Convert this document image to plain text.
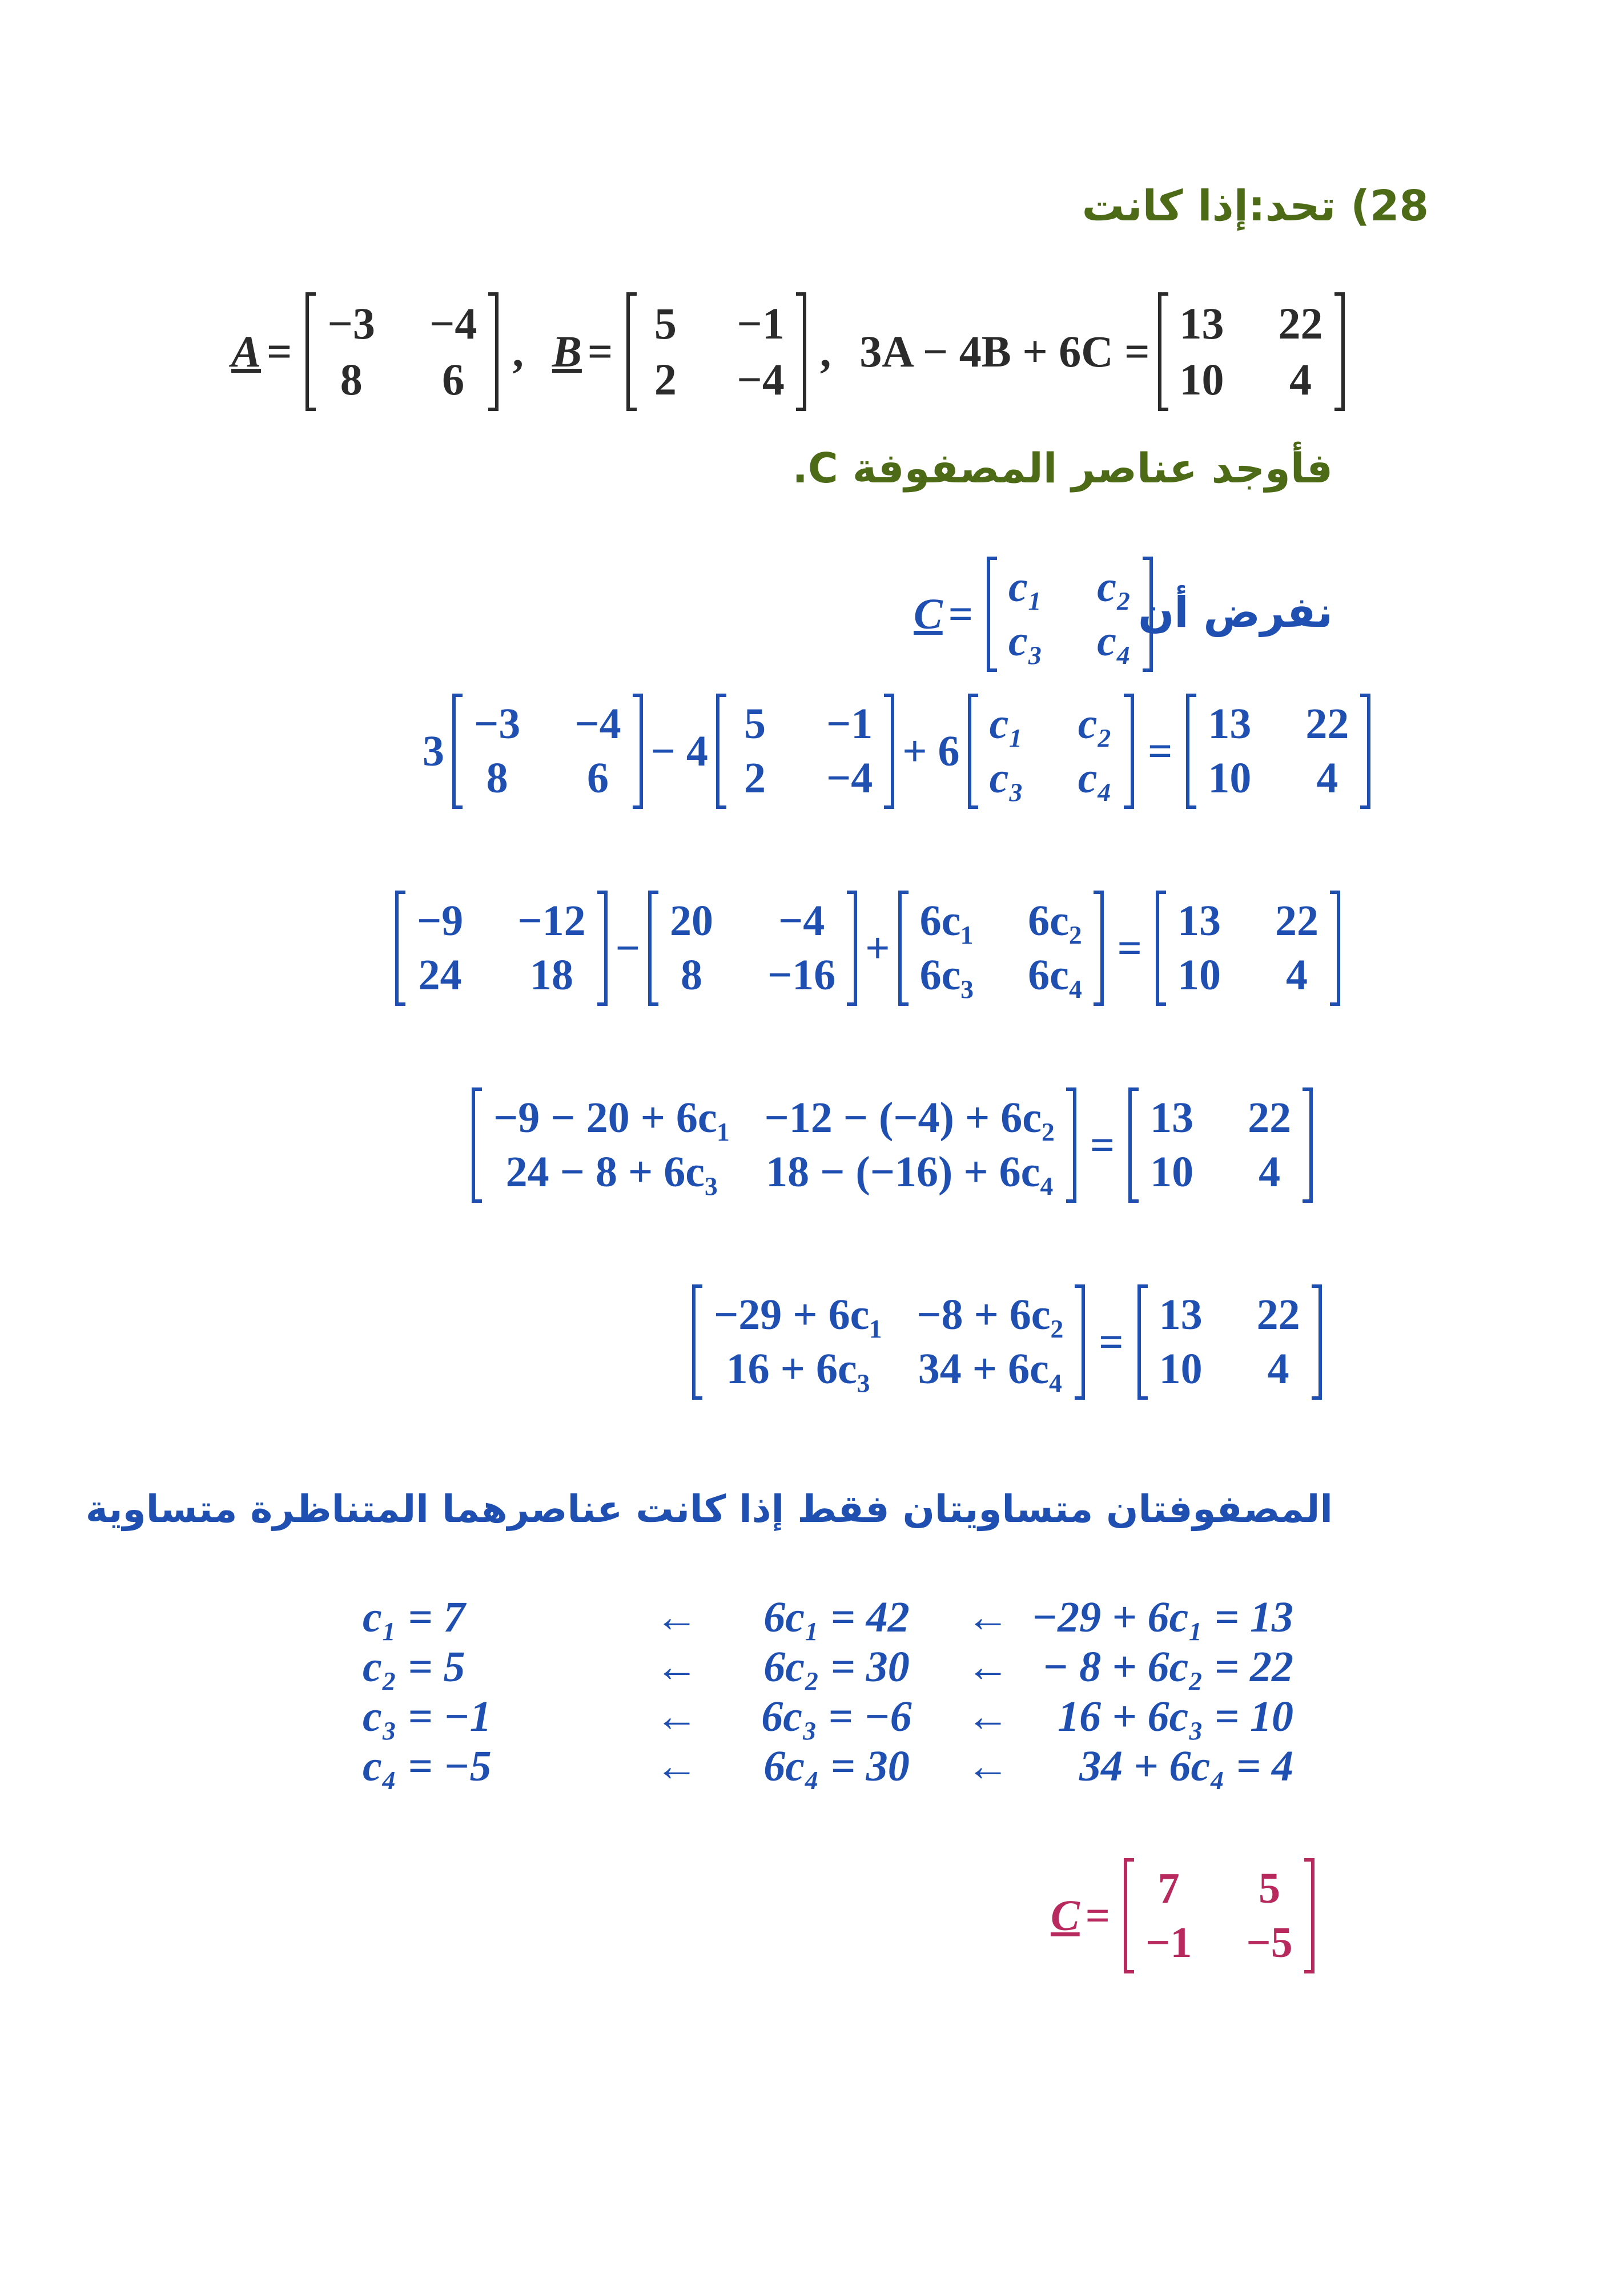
28) تحد:إذا كانت
A =
−3 −4
8 6
, B =
5 −1
2 −4
, 3A − 4B + 6C =
13 22
10 4
فأوجد عناصر المصفوفة C.
نفرض أن
C =
c₁ c₂
c₃ c₄
3
−3 −4
8 6
− 4
5 −1
2 −4
+ 6
c₁ c₂
c₃ c₄
=
13 22
10 4
−9 −12
24 18
−
20 −4
8 −16
+
6c₁ 6c₂
6c₃ 6c₄
=
13 22
10 4
−9 − 20 + 6c₁ −12 − (−4) + 6c₂
24 − 8 + 6c₃ 18 − (−16) + 6c₄
=
13 22
10 4
−29 + 6c₁ −8 + 6c₂
16 + 6c₃ 34 + 6c₄
=
13 22
10 4
المصفوفتان متساويتان فقط إذا كانت عناصرهما المتناظرة متساوية
c₁ = 7	←	6c₁ = 42	← −29 + 6c₁ = 13
c₂ = 5	←	6c₂ = 30	← − 8 + 6c₂ = 22
c₃ = −1	←	6c₃ = −6	←	16 + 6c₃ = 10
c₄ = −5	←	6c₄ = 30	←	34 + 6c₄ = 4
C =
7 5
−1 −5
